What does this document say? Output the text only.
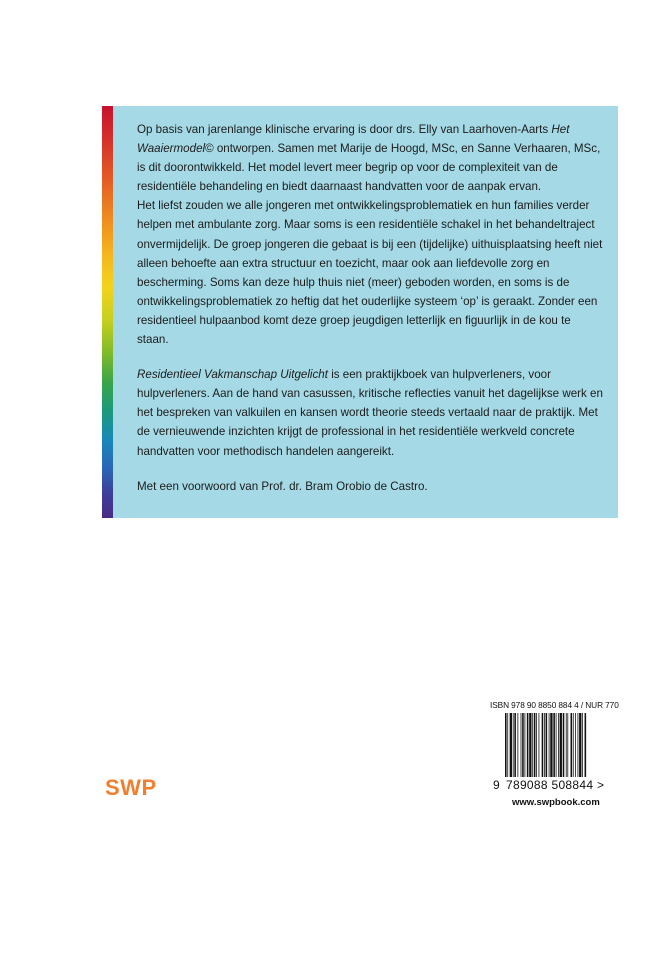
Op basis van jarenlange klinische ervaring is door drs. Elly van Laarhoven-Aarts Het Waaiermodel© ontworpen. Samen met Marije de Hoogd, MSc, en Sanne Verhaaren, MSc, is dit doorontwikkeld. Het model levert meer begrip op voor de complexiteit van de residentiële behandeling en biedt daarnaast handvatten voor de aanpak ervan.

Het liefst zouden we alle jongeren met ontwikkelingsproblematiek en hun families verder helpen met ambulante zorg. Maar soms is een residentiële schakel in het behandeltraject onvermijdelijk. De groep jongeren die gebaat is bij een (tijdelijke) uithuisplaatsing heeft niet alleen behoefte aan extra structuur en toezicht, maar ook aan liefdevolle zorg en bescherming. Soms kan deze hulp thuis niet (meer) geboden worden, en soms is de ontwikkelingsproblematiek zo heftig dat het ouderlijke systeem ‘op’ is geraakt. Zonder een residentieel hulpaanbod komt deze groep jeugdigen letterlijk en figuurlijk in de kou te staan.

Residentieel Vakmanschap Uitgelicht is een praktijkboek van hulpverleners, voor hulpverleners. Aan de hand van casussen, kritische reflecties vanuit het dagelijkse werk en het bespreken van valkuilen en kansen wordt theorie steeds vertaald naar de praktijk. Met de vernieuwende inzichten krijgt de professional in het residentiële werkveld concrete handvatten voor methodisch handelen aangereikt.

Met een voorwoord van Prof. dr. Bram Orobio de Castro.

ISBN 978 90 8850 884 4 / NUR 770
9 789088 508844 >
www.swpbook.com
SWP
